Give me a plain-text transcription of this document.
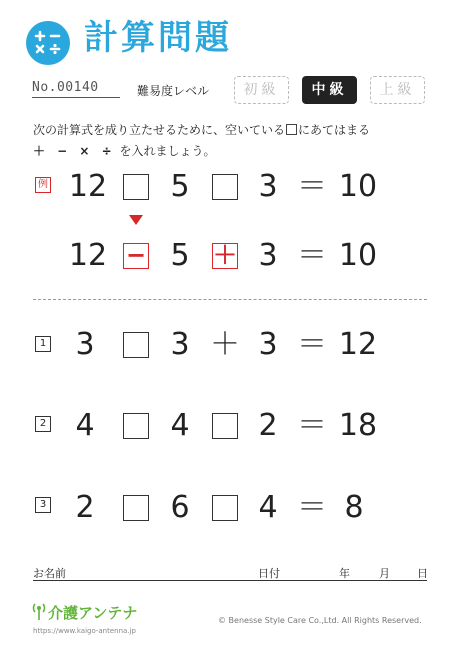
計算問題
No.00140	難易度レベル	初級	中級	上級
次の計算式を成り立たせるために、空いている にあてはまる
＋ − × ÷ を入れましょう。
例 12	5	3 ＝ 10
12 − 5 ＋ 3 ＝ 10
1 3	3 ＋ 3 ＝ 12
2 4	4	2 ＝ 18
3 2	6	4 ＝ 8
お名前	日付	年	月 日
介護アンテナ
https://www.kaigo-antenna.jp
© Benesse Style Care Co.,Ltd. All Rights Reserved.
